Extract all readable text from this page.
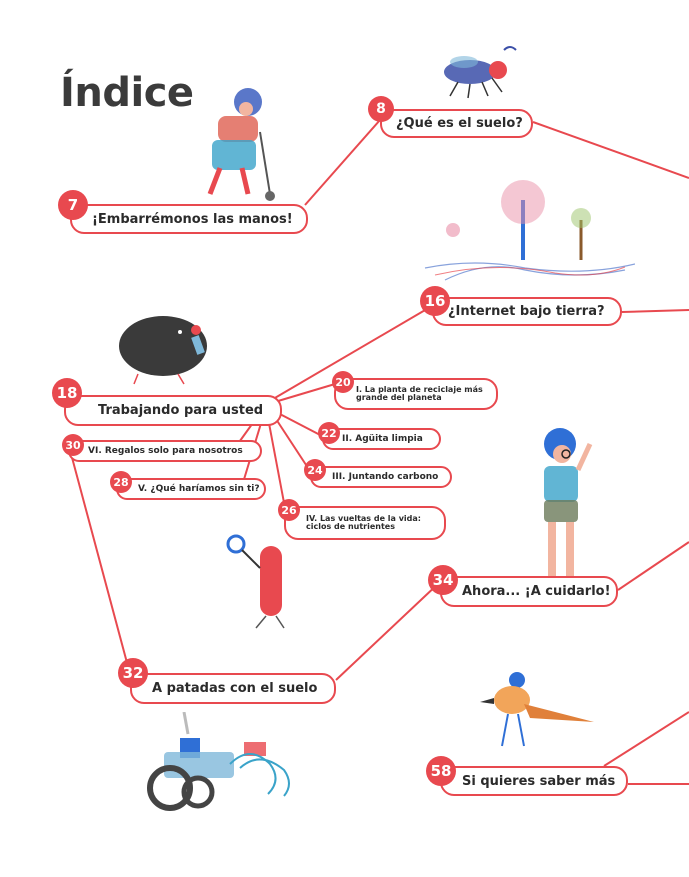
Índice
¡Embarrémonos las manos!
7
¿Qué es el suelo?
8
¿Internet bajo tierra?
16
Trabajando para usted
18	I. La planta de reciclaje más grande del planeta
20
II. Agüita limpia
22
III. Juntando carbono
24
IV. Las vueltas de la vida: ciclos de nutrientes
26
V. ¿Qué haríamos sin ti?
28
VI. Regalos solo para nosotros
30
A patadas con el suelo
32
Ahora... ¡A cuidarlo!
34
Si quieres saber más
58
